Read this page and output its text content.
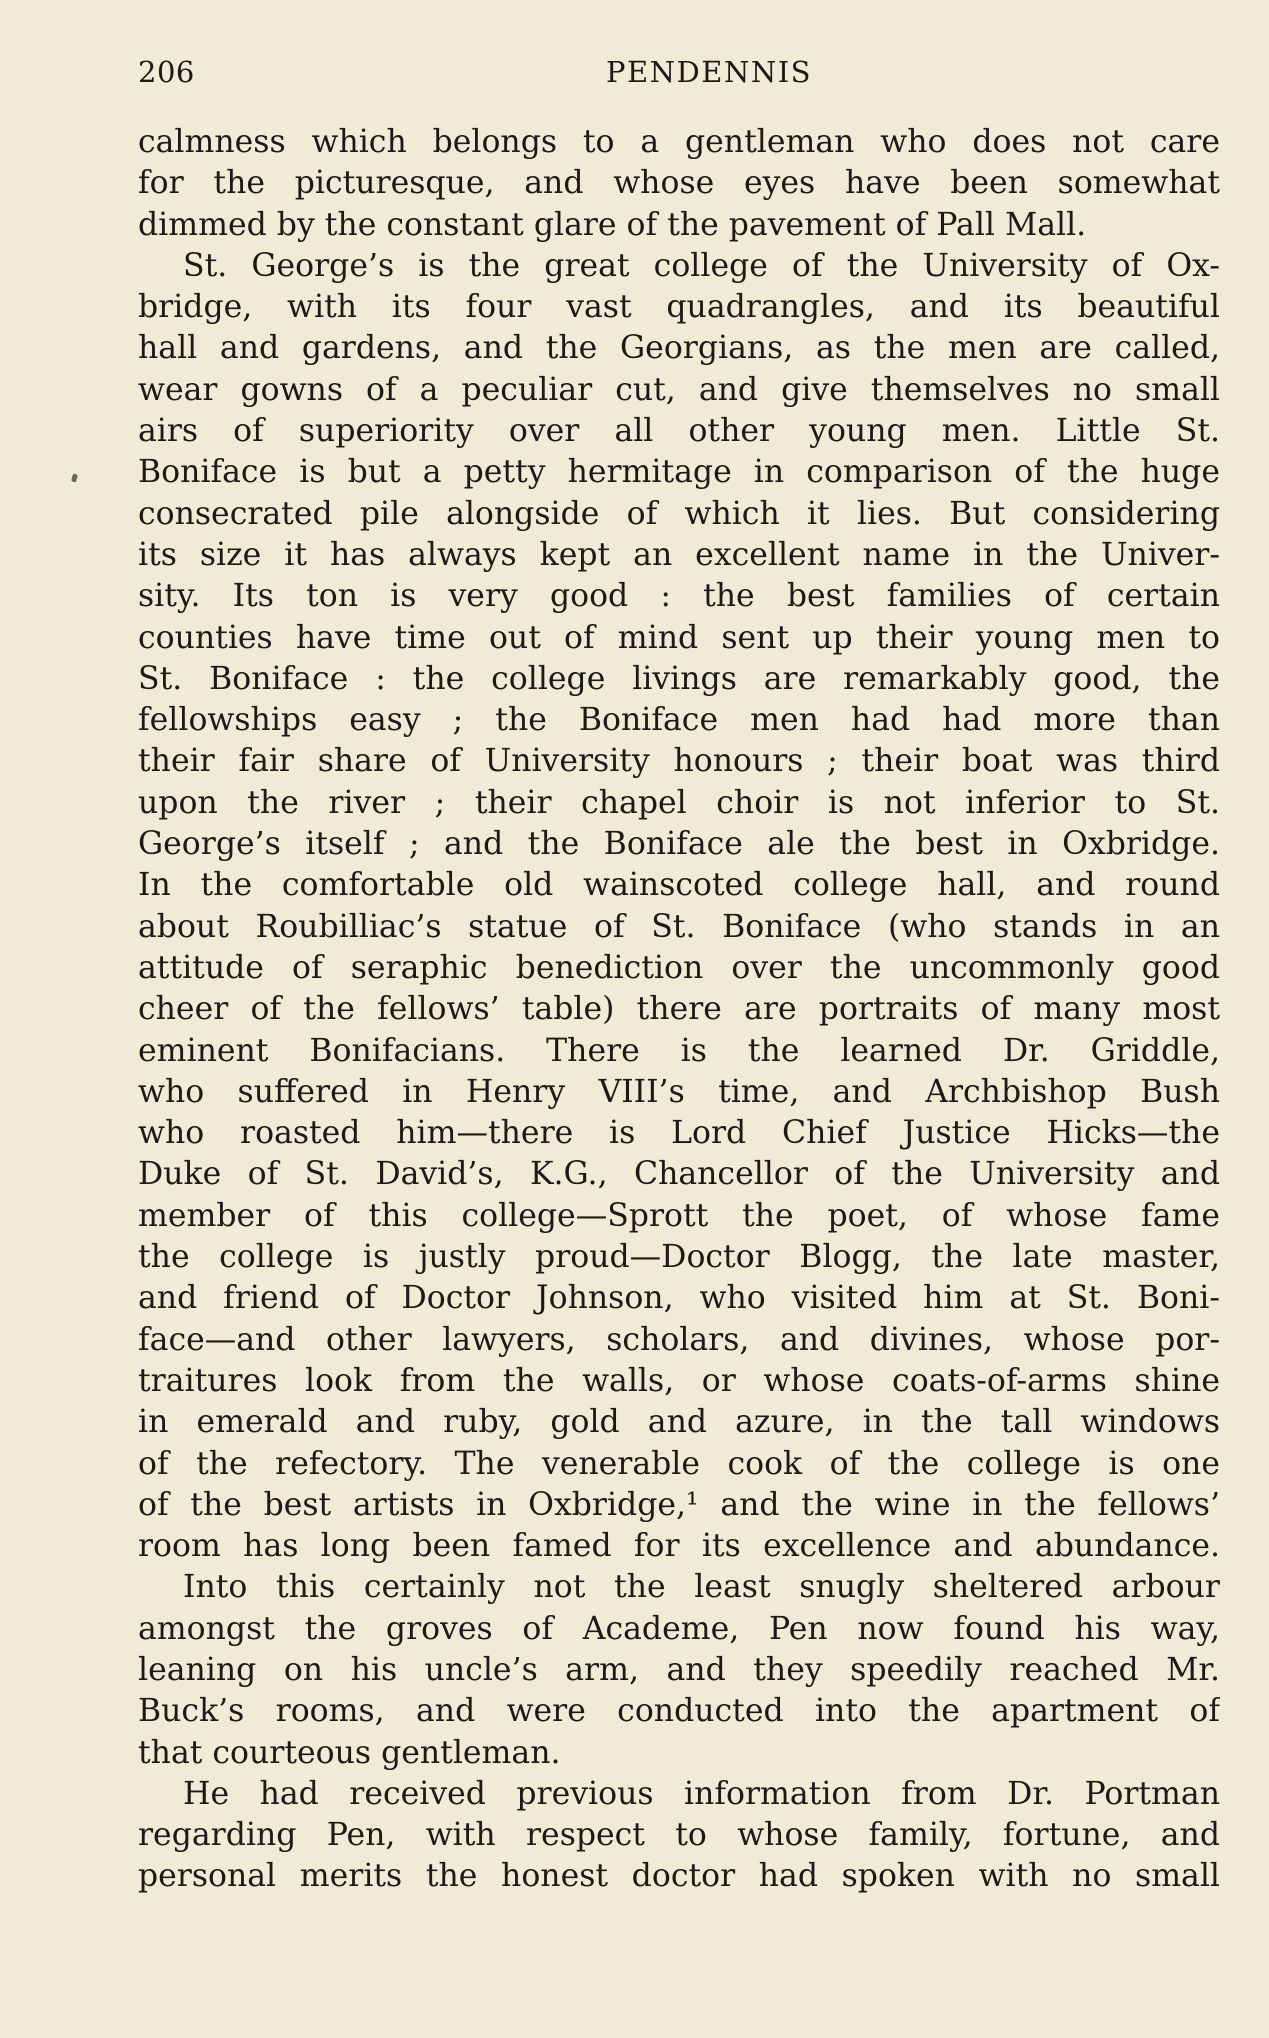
206	PENDENNIS
calmness which belongs to a gentleman who does not care
for the picturesque, and whose eyes have been somewhat
dimmed by the constant glare of the pavement of Pall Mall.
St. George’s is the great college of the University of Ox-
bridge, with its four vast quadrangles, and its beautiful
hall and gardens, and the Georgians, as the men are called,
wear gowns of a peculiar cut, and give themselves no small
airs of superiority over all other young men. Little St.
Boniface is but a petty hermitage in comparison of the huge
consecrated pile alongside of which it lies. But considering
its size it has always kept an excellent name in the Univer-
sity. Its ton is very good : the best families of certain
counties have time out of mind sent up their young men to
St. Boniface : the college livings are remarkably good, the
fellowships easy ; the Boniface men had had more than
their fair share of University honours ; their boat was third
upon the river ; their chapel choir is not inferior to St.
George’s itself ; and the Boniface ale the best in Oxbridge.
In the comfortable old wainscoted college hall, and round
about Roubilliac’s statue of St. Boniface (who stands in an
attitude of seraphic benediction over the uncommonly good
cheer of the fellows’ table) there are portraits of many most
eminent Bonifacians. There is the learned Dr. Griddle,
who suffered in Henry VIII’s time, and Archbishop Bush
who roasted him—there is Lord Chief Justice Hicks—the
Duke of St. David’s, K.G., Chancellor of the University and
member of this college—Sprott the poet, of whose fame
the college is justly proud—Doctor Blogg, the late master,
and friend of Doctor Johnson, who visited him at St. Boni-
face—and other lawyers, scholars, and divines, whose por-
traitures look from the walls, or whose coats-of-arms shine
in emerald and ruby, gold and azure, in the tall windows
of the refectory. The venerable cook of the college is one
of the best artists in Oxbridge,¹ and the wine in the fellows’
room has long been famed for its excellence and abundance.
Into this certainly not the least snugly sheltered arbour
amongst the groves of Academe, Pen now found his way,
leaning on his uncle’s arm, and they speedily reached Mr.
Buck’s rooms, and were conducted into the apartment of
that courteous gentleman.
He had received previous information from Dr. Portman
regarding Pen, with respect to whose family, fortune, and
personal merits the honest doctor had spoken with no small
